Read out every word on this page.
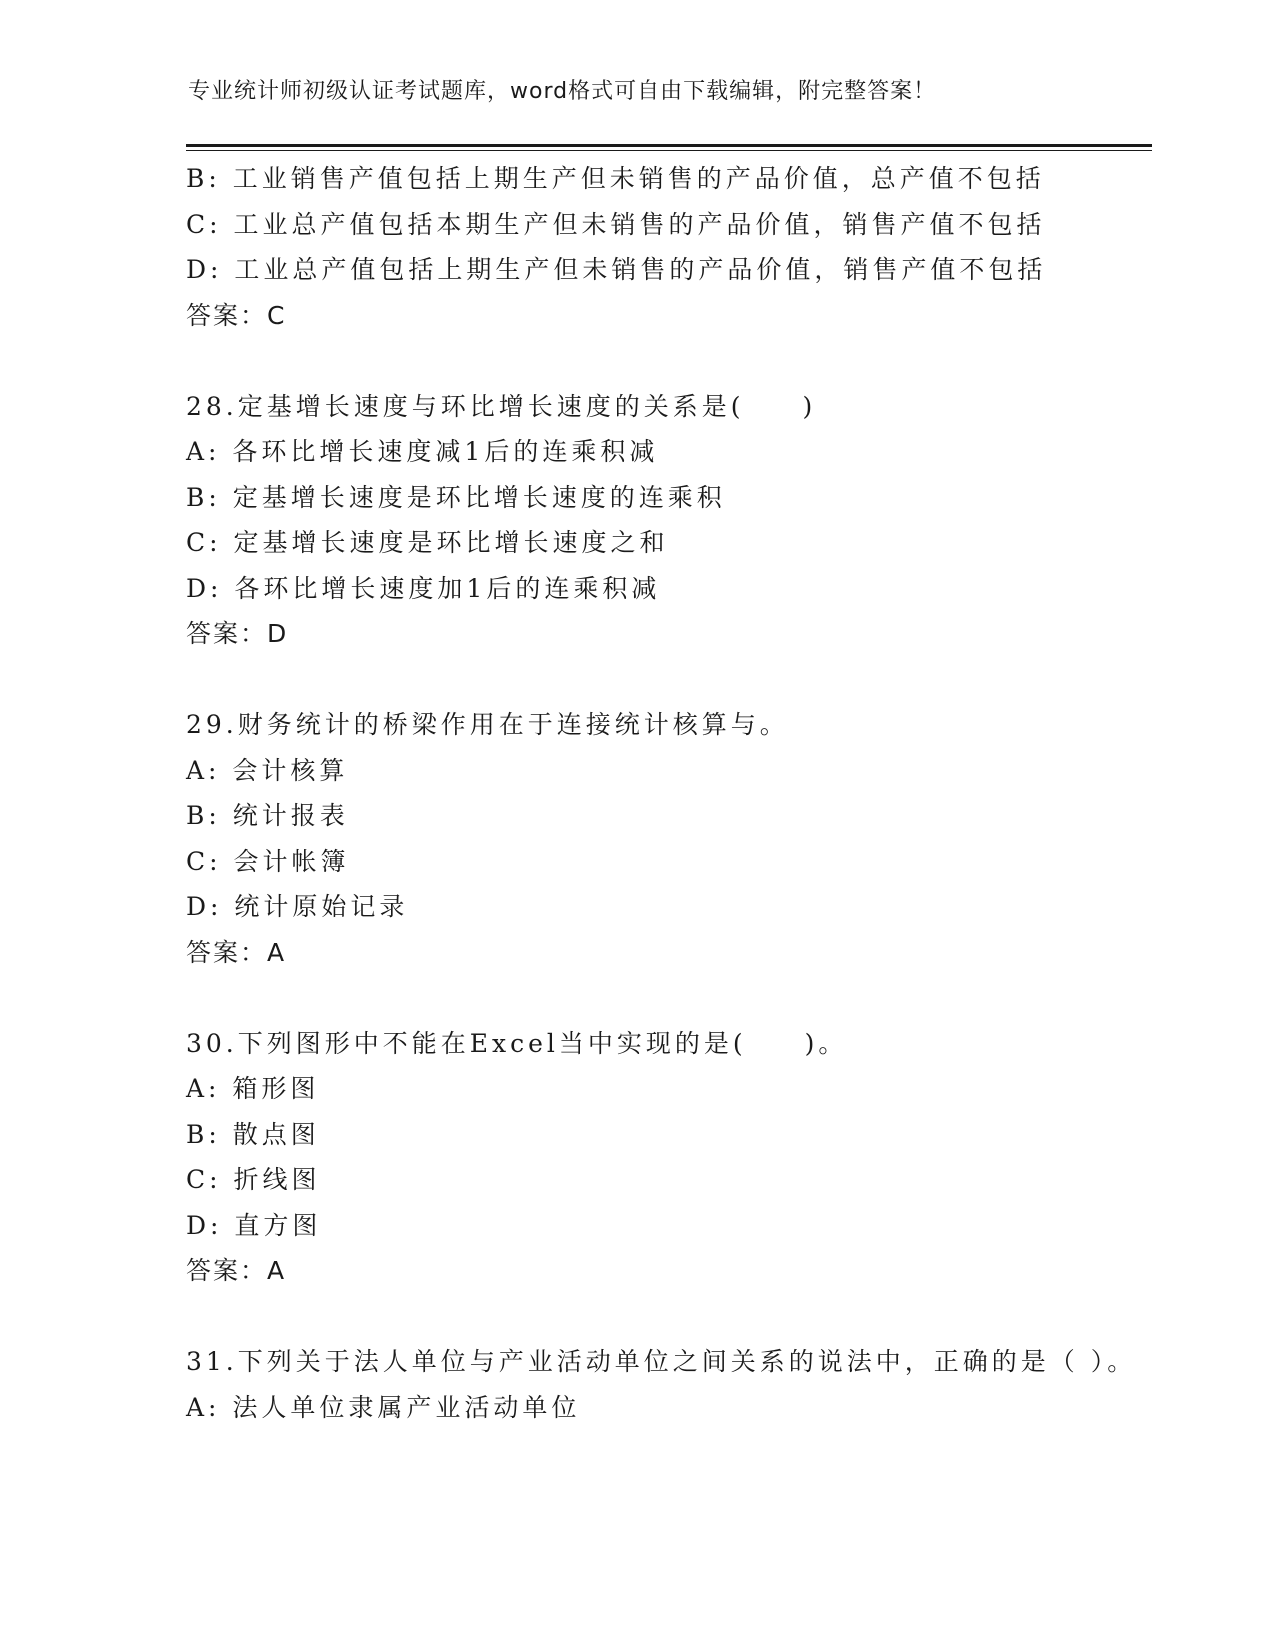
专业统计师初级认证考试题库，word格式可自由下载编辑，附完整答案！
B: 工业销售产值包括上期生产但未销售的产品价值，总产值不包括
C: 工业总产值包括本期生产但未销售的产品价值，销售产值不包括
D: 工业总产值包括上期生产但未销售的产品价值，销售产值不包括
答案：C
28.定基增长速度与环比增长速度的关系是(　　)
A: 各环比增长速度减1后的连乘积减
B: 定基增长速度是环比增长速度的连乘积
C: 定基增长速度是环比增长速度之和
D: 各环比增长速度加1后的连乘积减
答案：D
29.财务统计的桥梁作用在于连接统计核算与。
A: 会计核算
B: 统计报表
C: 会计帐簿
D: 统计原始记录
答案：A
30.下列图形中不能在Excel当中实现的是(　　)。
A: 箱形图
B: 散点图
C: 折线图
D: 直方图
答案：A
31.下列关于法人单位与产业活动单位之间关系的说法中，正确的是（ ）。
A: 法人单位隶属产业活动单位
